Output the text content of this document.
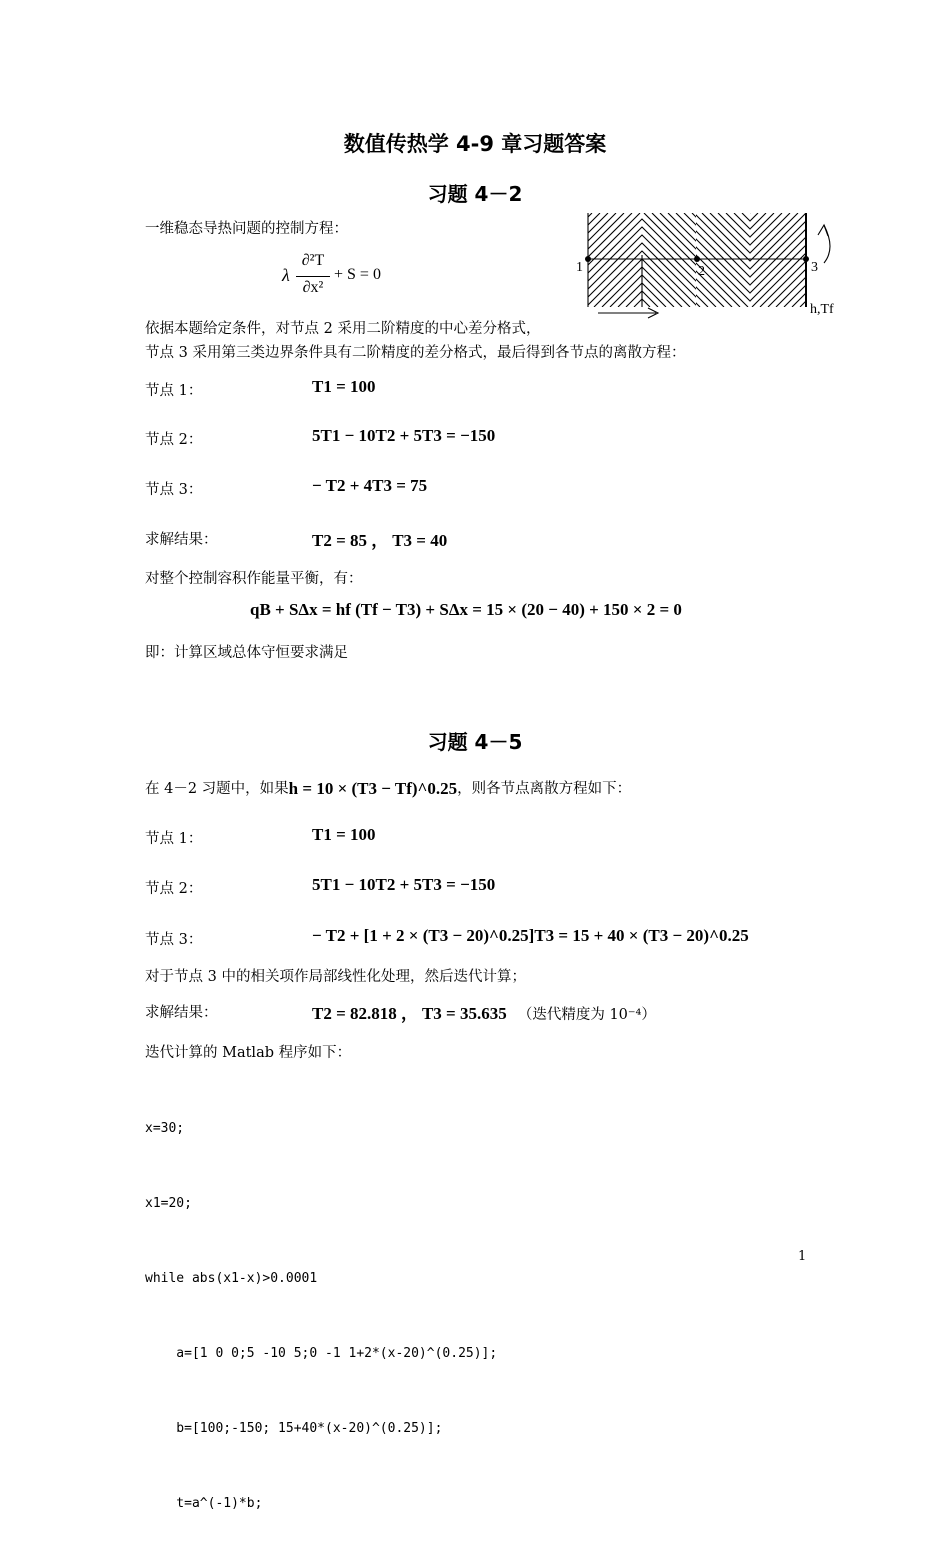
数值传热学 4-9 章习题答案
习题 4－2
一维稳态导热问题的控制方程：
λ
∂²T
∂x²
+ S = 0	1	2	3
h,Tf
依据本题给定条件，对节点 2 采用二阶精度的中心差分格式，
节点 3 采用第三类边界条件具有二阶精度的差分格式，最后得到各节点的离散方程：
节点 1：	T1 = 100
节点 2：	5T1 − 10T2 + 5T3 = −150
节点 3：	− T2 + 4T3 = 75
求解结果：	T2 = 85 ， T3 = 40
对整个控制容积作能量平衡，有：
qB + SΔx = hf (Tf − T3) + SΔx = 15 × (20 − 40) + 150 × 2 = 0
即：计算区域总体守恒要求满足
习题 4－5
在 4－2 习题中，如果h = 10 × (T3 − Tf)^0.25，则各节点离散方程如下：
节点 1：	T1 = 100
节点 2：	5T1 − 10T2 + 5T3 = −150
节点 3：	− T2 + [1 + 2 × (T3 − 20)^0.25]T3 = 15 + 40 × (T3 − 20)^0.25
对于节点 3 中的相关项作局部线性化处理，然后迭代计算；
求解结果：	T2 = 82.818 ， T3 = 35.635 （迭代精度为 10⁻⁴）
迭代计算的 Matlab 程序如下：

x=30;

x1=20;

while abs(x1-x)>0.0001

a=[1 0 0;5 -10 5;0 -1 1+2*(x-20)^(0.25)];

b=[100;-150; 15+40*(x-20)^(0.25)];

t=a^(-1)*b;

1
